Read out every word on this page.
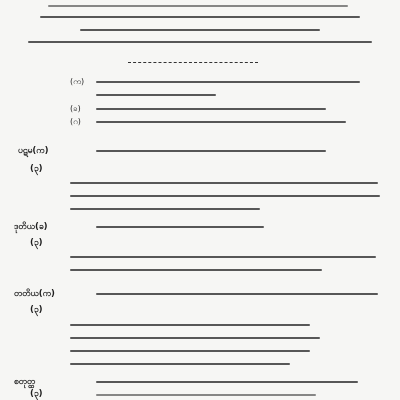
(က)
(ခ)
(ဂ)
ပဋမ(က)
(၃)
ဒုတိယ(ခ)
(၃)
တတိယ(က)
(၃)
စတုတ္ထ
(၃)
